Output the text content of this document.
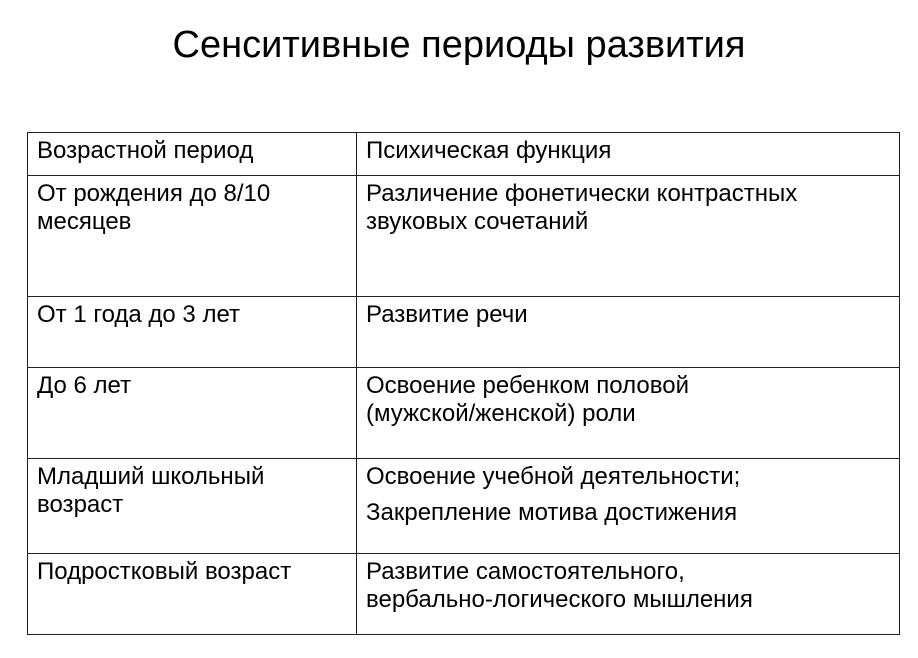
Сенситивные периоды развития
Возрастной период	Психическая функция

От рождения до 8/10
месяцев	Различение фонетически контрастных
звуковых сочетаний

От 1 года до 3 лет	Развитие речи

До 6 лет	Освоение ребенком половой
(мужской/женской) роли

Младший школьный
возраст	Освоение учебной деятельности;
Закрепление мотива достижения

Подростковый возраст	Развитие самостоятельного,
вербально-логического мышления
